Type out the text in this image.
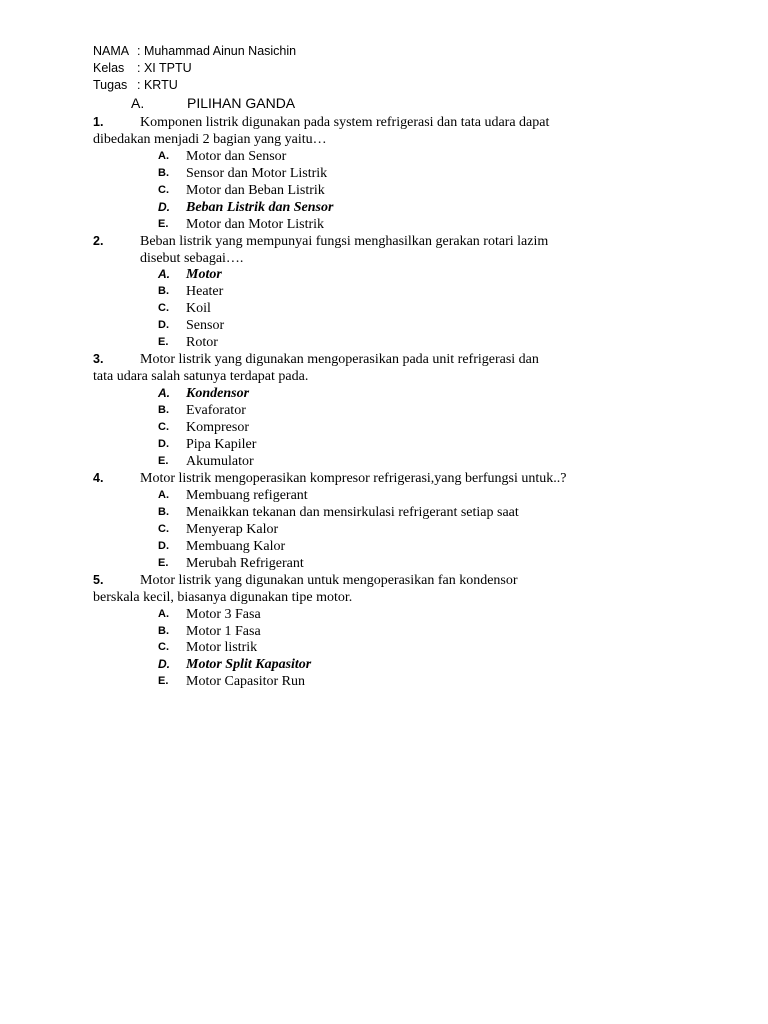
NAMA : Muhammad Ainun Nasichin
Kelas : XI TPTU
Tugas : KRTU
A.	PILIHAN GANDA
1.	Komponen listrik digunakan pada system refrigerasi dan tata udara dapat
dibedakan menjadi 2 bagian yang yaitu…
A. Motor dan Sensor
B. Sensor dan Motor Listrik
C. Motor dan Beban Listrik
D. Beban Listrik dan Sensor
E. Motor dan Motor Listrik
2.	Beban listrik yang mempunyai fungsi menghasilkan gerakan rotari lazim
disebut sebagai….
A. Motor
B. Heater
C. Koil
D. Sensor
E. Rotor
3.	Motor listrik yang digunakan mengoperasikan pada unit refrigerasi dan
tata udara salah satunya terdapat pada.
A. Kondensor
B. Evaforator
C. Kompresor
D. Pipa Kapiler
E. Akumulator
4.	Motor listrik mengoperasikan kompresor refrigerasi,yang berfungsi untuk..?
A. Membuang refigerant
B. Menaikkan tekanan dan mensirkulasi refrigerant setiap saat
C. Menyerap Kalor
D. Membuang Kalor
E. Merubah Refrigerant
5.	Motor listrik yang digunakan untuk mengoperasikan fan kondensor
berskala kecil, biasanya digunakan tipe motor.
A. Motor 3 Fasa
B. Motor 1 Fasa
C. Motor listrik
D. Motor Split Kapasitor
E. Motor Capasitor Run
